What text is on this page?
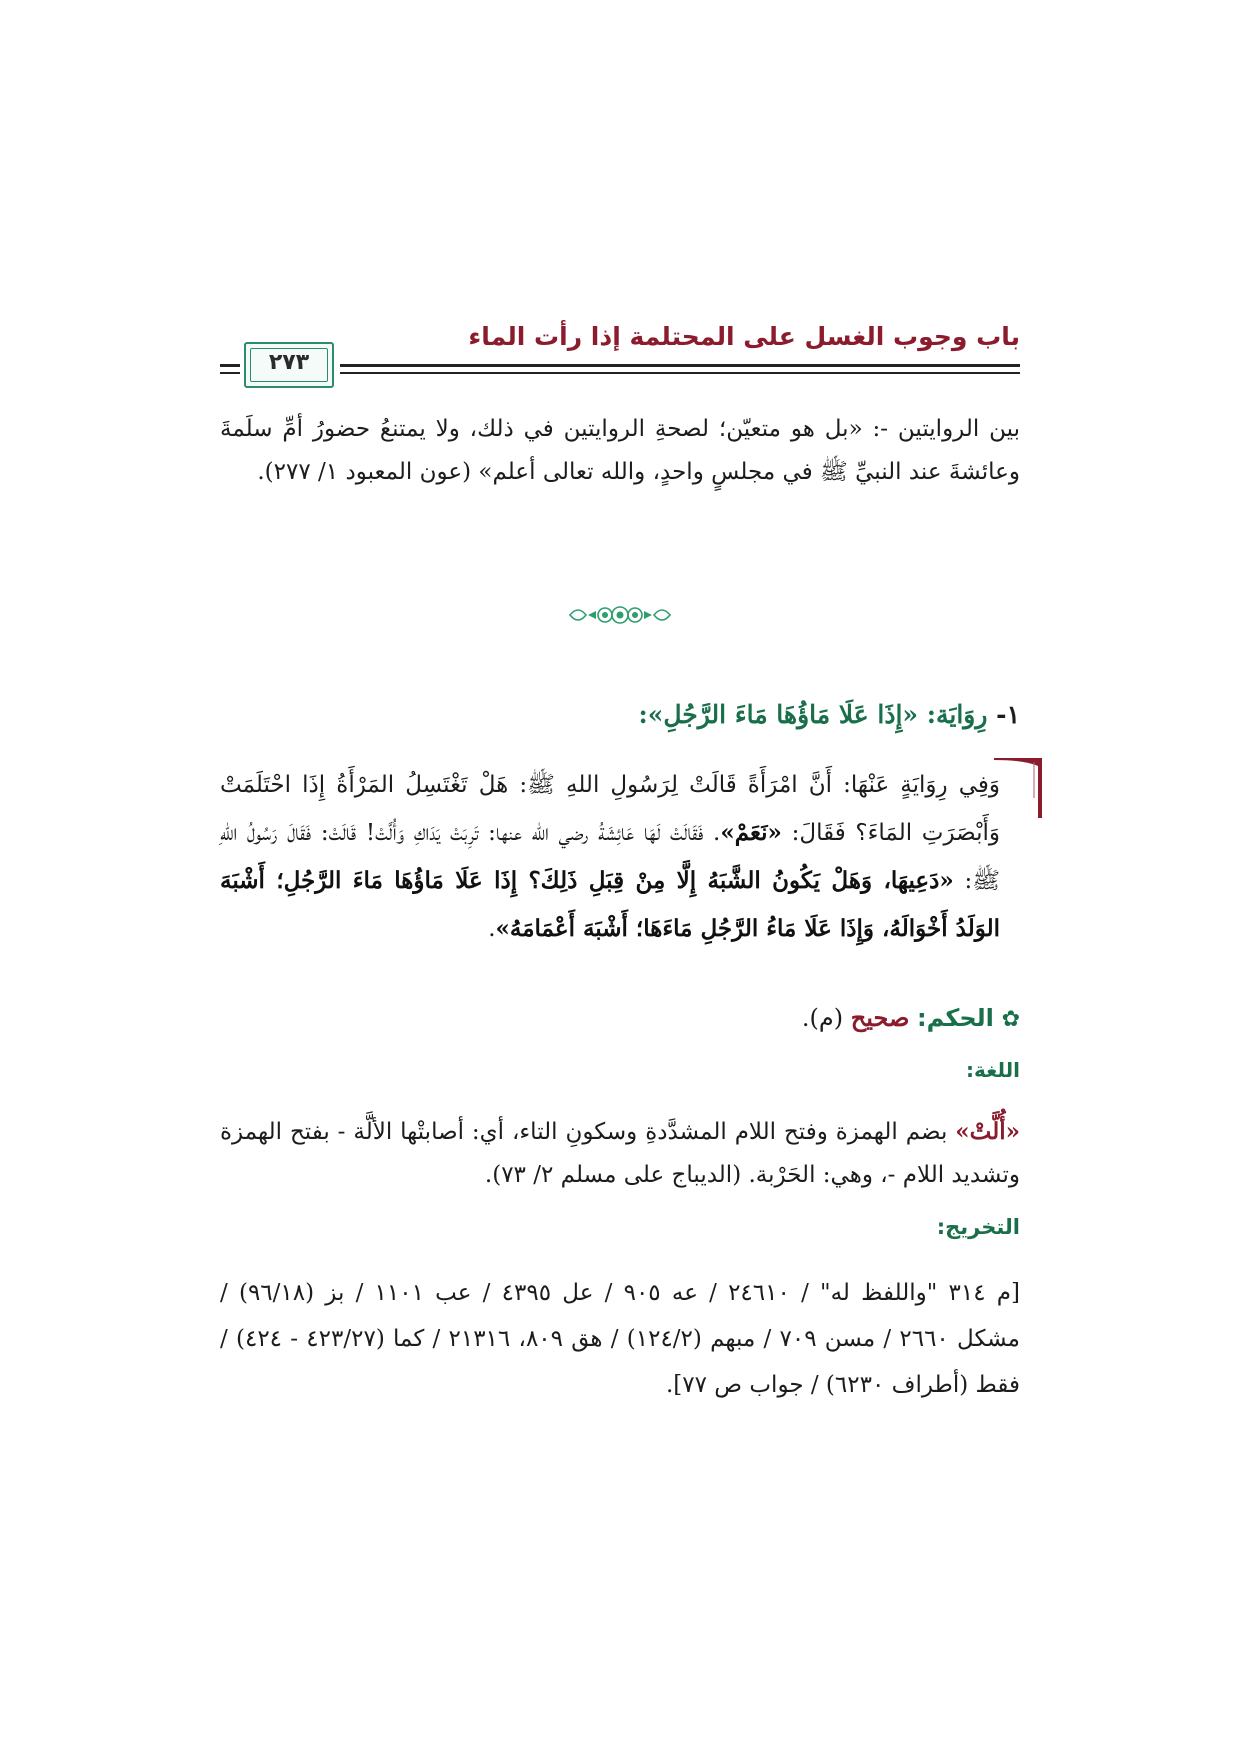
باب وجوب الغسل على المحتلمة إذا رأت الماء
٢٧٣
بين الروايتين -: «بل هو متعيّن؛ لصحةِ الروايتين في ذلك، ولا يمتنعُ حضورُ أمِّ سلَمةَ وعائشةَ عند النبيِّ ﷺ في مجلسٍ واحدٍ، والله تعالى أعلم» (عون المعبود ١/ ٢٧٧).
١- رِوَايَة: «إِذَا عَلَا مَاؤُهَا مَاءَ الرَّجُلِ»:
وَفِي رِوَايَةٍ عَنْهَا: أَنَّ امْرَأَةً قَالَتْ لِرَسُولِ اللهِ ﷺ: هَلْ تَغْتَسِلُ المَرْأَةُ إِذَا احْتَلَمَتْ وَأَبْصَرَتِ المَاءَ؟ فَقَالَ: «نَعَمْ». فَقَالَتْ لَهَا عَائِشَةُ رضي الله عنها: تَرِبَتْ يَدَاكِ وَأُلَّتْ! قَالَتْ: فَقَالَ رَسُولُ اللهِ ﷺ: «دَعِيهَا، وَهَلْ يَكُونُ الشَّبَهُ إِلَّا مِنْ قِبَلِ ذَلِكَ؟ إِذَا عَلَا مَاؤُهَا مَاءَ الرَّجُلِ؛ أَشْبَهَ الوَلَدُ أَخْوَالَهُ، وَإِذَا عَلَا مَاءُ الرَّجُلِ مَاءَهَا؛ أَشْبَهَ أَعْمَامَهُ».
✿ الحكم: صحيح (م).
اللغة:
«أُلَّتْ» بضم الهمزة وفتح اللام المشدَّدةِ وسكونِ التاء، أي: أصابتْها الألَّة - بفتح الهمزة وتشديد اللام -، وهي: الحَرْبة. (الديباج على مسلم ٢/ ٧٣).
التخريج:
[م ٣١٤ "واللفظ له" / ٢٤٦١٠ / عه ٩٠٥ / عل ٤٣٩٥ / عب ١١٠١ / بز (٩٦/١٨) / مشكل ٢٦٦٠ / مسن ٧٠٩ / مبهم (١٢٤/٢) / هق ٨٠٩، ٢١٣١٦ / كما (٤٢٣/٢٧ - ٤٢٤) / فقط (أطراف ٦٢٣٠) / جواب ص ٧٧].
